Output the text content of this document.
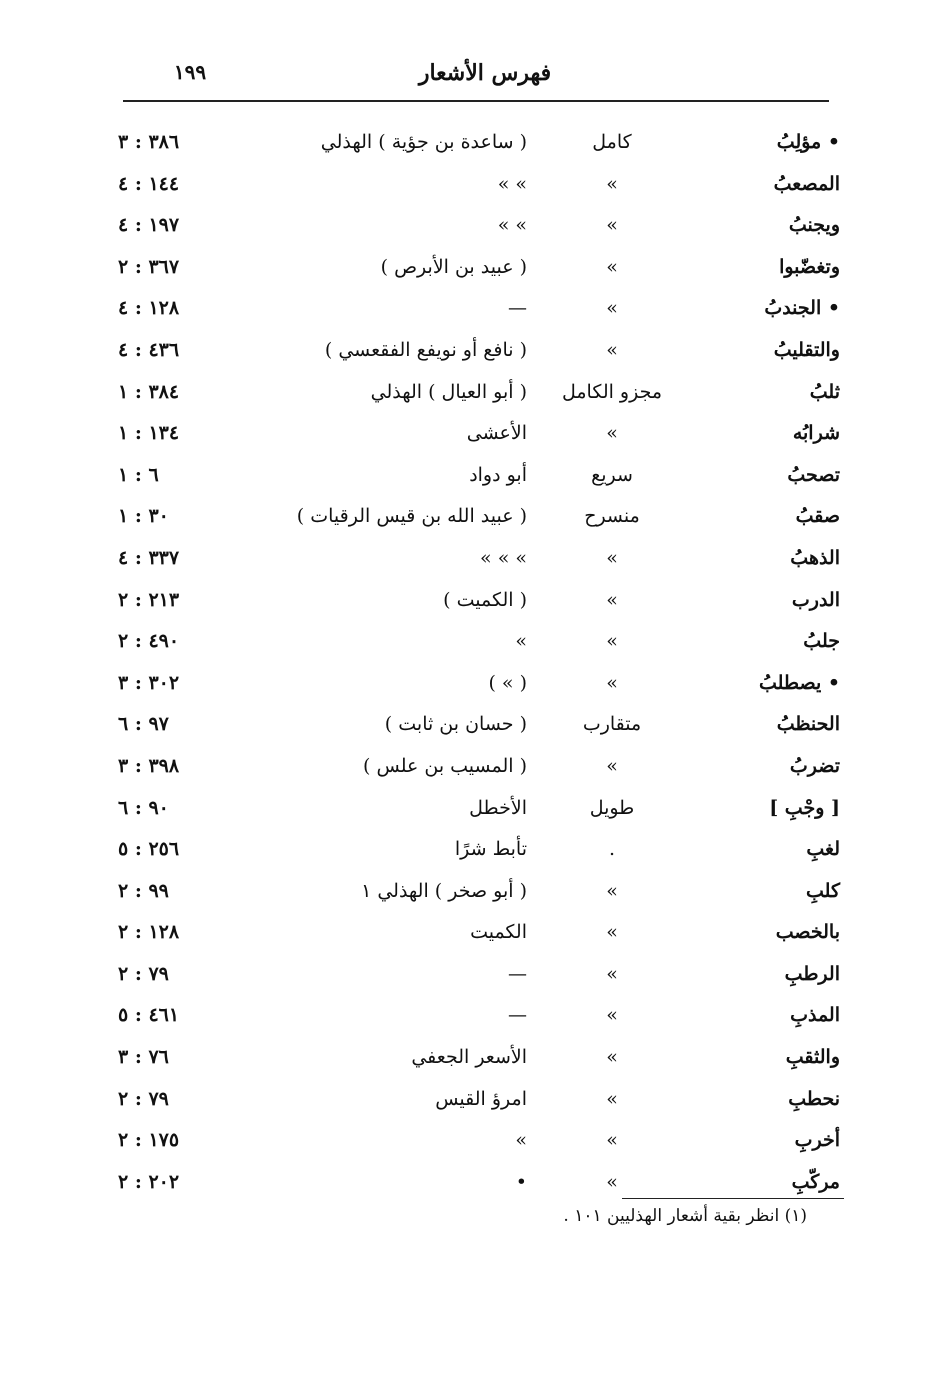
فهرس الأشعار
١٩٩
• مؤلِبُ
كامل
( ساعدة بن جؤية ) الهذلي
٣٨٦ : ٣
المصعبُ
»
» »
١٤٤ : ٤
ويجنبُ
»
» »
١٩٧ : ٤
وتغضّبوا
»
( عبيد بن الأبرص )
٣٦٧ : ٢
• الجندبُ
»
—
١٢٨ : ٤
والتقليبُ
»
( نافع أو نويفع الفقعسي )
٤٣٦ : ٤
ثلبُ
مجزو الكامل
( أبو العيال ) الهذلي
٣٨٤ : ١
شرابُه
»
الأعشى
١٣٤ : ١
تصحبُ
سريع
أبو دواد
٦ : ١
صقبُ
منسرح
( عبيد الله بن قيس الرقيات )
٣٠ : ١
الذهبُ
»
» » »
٣٣٧ : ٤
الدرب
»
( الكميت )
٢١٣ : ٢
جلبُ
»
»
٤٩٠ : ٢
• يصطلبُ
»
( » )
٣٠٢ : ٣
الحنظبُ
متقارب
( حسان بن ثابت )
٩٧ : ٦
تضربُ
»
( المسيب بن علس )
٣٩٨ : ٣
[ وجْبِ ]
طويل
الأخطل
٩٠ : ٦
لغبِ
.
تأبط شرًا
٢٥٦ : ٥
كلبِ
»
( أبو صخر ) الهذلي ١
٩٩ : ٢
بالخصب
»
الكميت
١٢٨ : ٢
الرطبِ
»
—
٧٩ : ٢
المذبِ
»
—
٤٦١ : ٥
والثقبِ
»
الأسعر الجعفي
٧٦ : ٣
نحطبِ
»
امرؤ القيس
٧٩ : ٢
أخربِ
»
»
١٧٥ : ٢
مركّبِ
»
•
٢٠٢ : ٢
(١) انظر بقية أشعار الهذليين ١٠١ .
